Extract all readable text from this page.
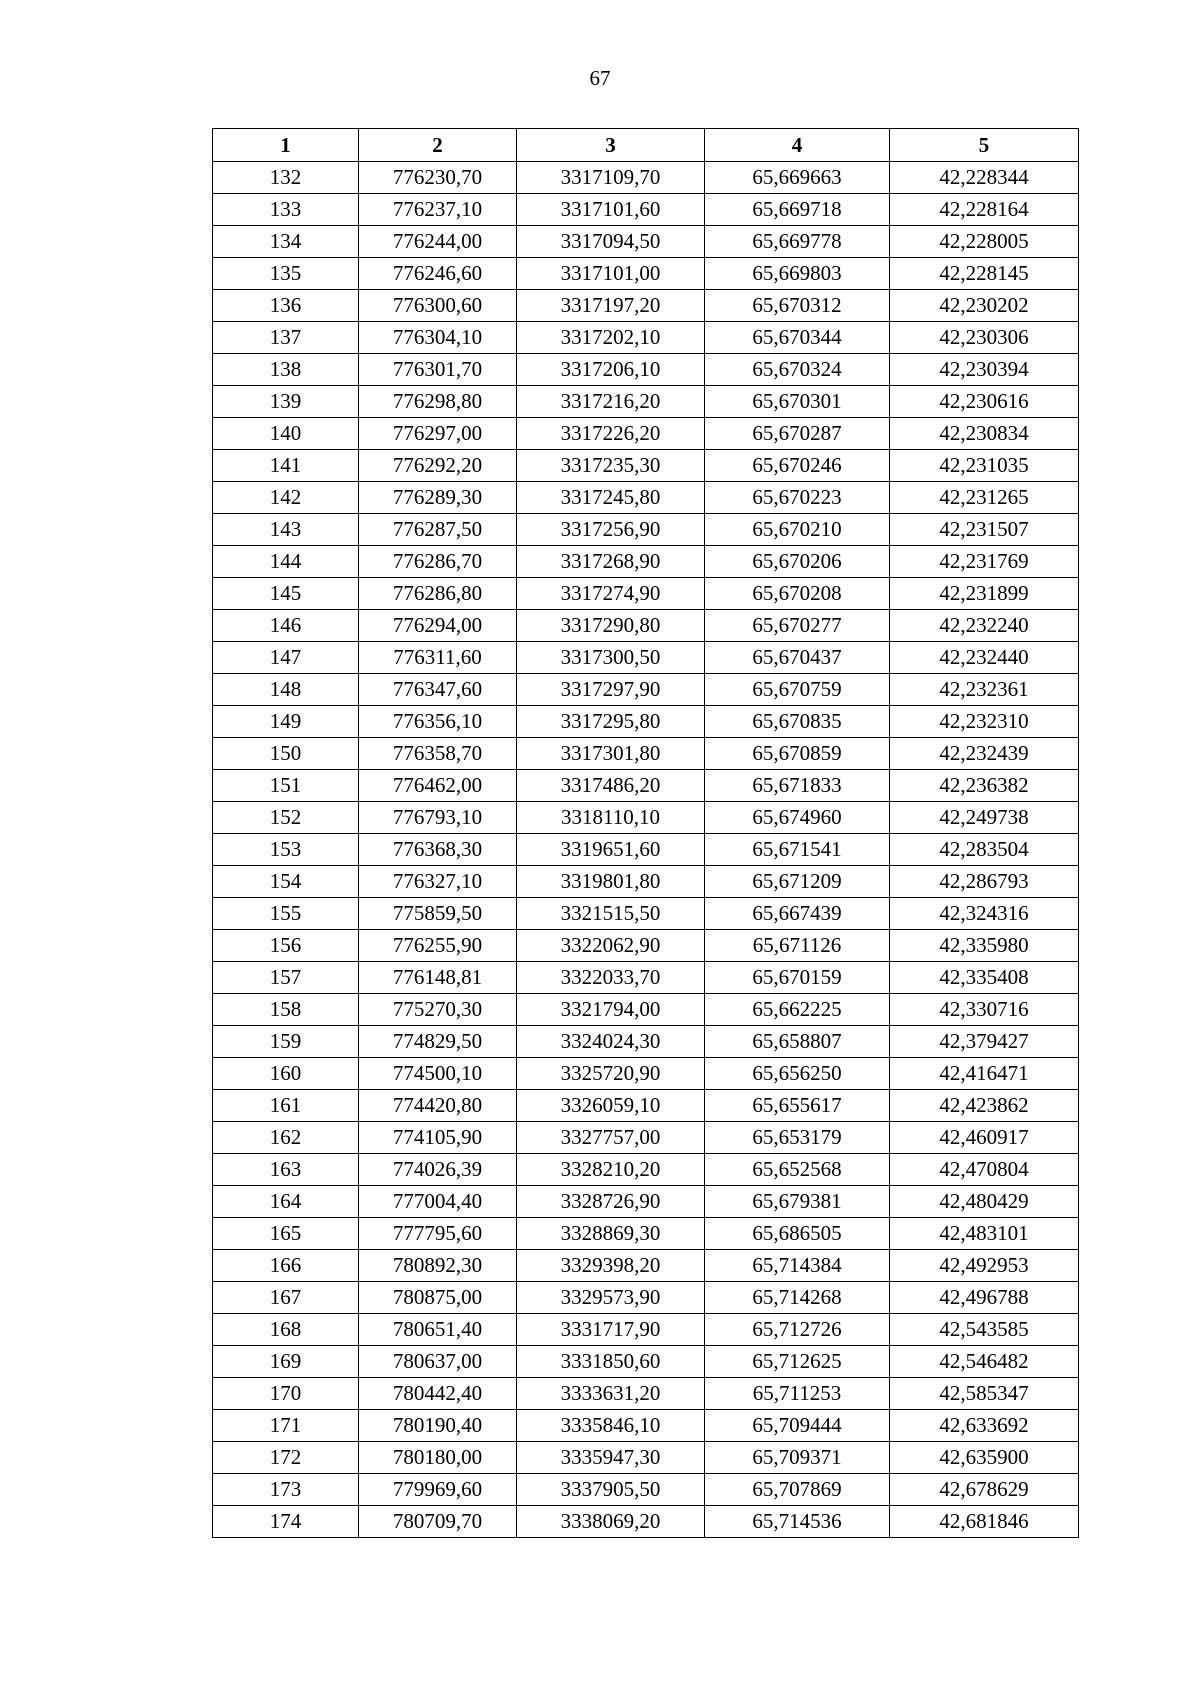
67
1	2	3	4	5
132	776230,70	3317109,70	65,669663	42,228344
133	776237,10	3317101,60	65,669718	42,228164
134	776244,00	3317094,50	65,669778	42,228005
135	776246,60	3317101,00	65,669803	42,228145
136	776300,60	3317197,20	65,670312	42,230202
137	776304,10	3317202,10	65,670344	42,230306
138	776301,70	3317206,10	65,670324	42,230394
139	776298,80	3317216,20	65,670301	42,230616
140	776297,00	3317226,20	65,670287	42,230834
141	776292,20	3317235,30	65,670246	42,231035
142	776289,30	3317245,80	65,670223	42,231265
143	776287,50	3317256,90	65,670210	42,231507
144	776286,70	3317268,90	65,670206	42,231769
145	776286,80	3317274,90	65,670208	42,231899
146	776294,00	3317290,80	65,670277	42,232240
147	776311,60	3317300,50	65,670437	42,232440
148	776347,60	3317297,90	65,670759	42,232361
149	776356,10	3317295,80	65,670835	42,232310
150	776358,70	3317301,80	65,670859	42,232439
151	776462,00	3317486,20	65,671833	42,236382
152	776793,10	3318110,10	65,674960	42,249738
153	776368,30	3319651,60	65,671541	42,283504
154	776327,10	3319801,80	65,671209	42,286793
155	775859,50	3321515,50	65,667439	42,324316
156	776255,90	3322062,90	65,671126	42,335980
157	776148,81	3322033,70	65,670159	42,335408
158	775270,30	3321794,00	65,662225	42,330716
159	774829,50	3324024,30	65,658807	42,379427
160	774500,10	3325720,90	65,656250	42,416471
161	774420,80	3326059,10	65,655617	42,423862
162	774105,90	3327757,00	65,653179	42,460917
163	774026,39	3328210,20	65,652568	42,470804
164	777004,40	3328726,90	65,679381	42,480429
165	777795,60	3328869,30	65,686505	42,483101
166	780892,30	3329398,20	65,714384	42,492953
167	780875,00	3329573,90	65,714268	42,496788
168	780651,40	3331717,90	65,712726	42,543585
169	780637,00	3331850,60	65,712625	42,546482
170	780442,40	3333631,20	65,711253	42,585347
171	780190,40	3335846,10	65,709444	42,633692
172	780180,00	3335947,30	65,709371	42,635900
173	779969,60	3337905,50	65,707869	42,678629
174	780709,70	3338069,20	65,714536	42,681846
